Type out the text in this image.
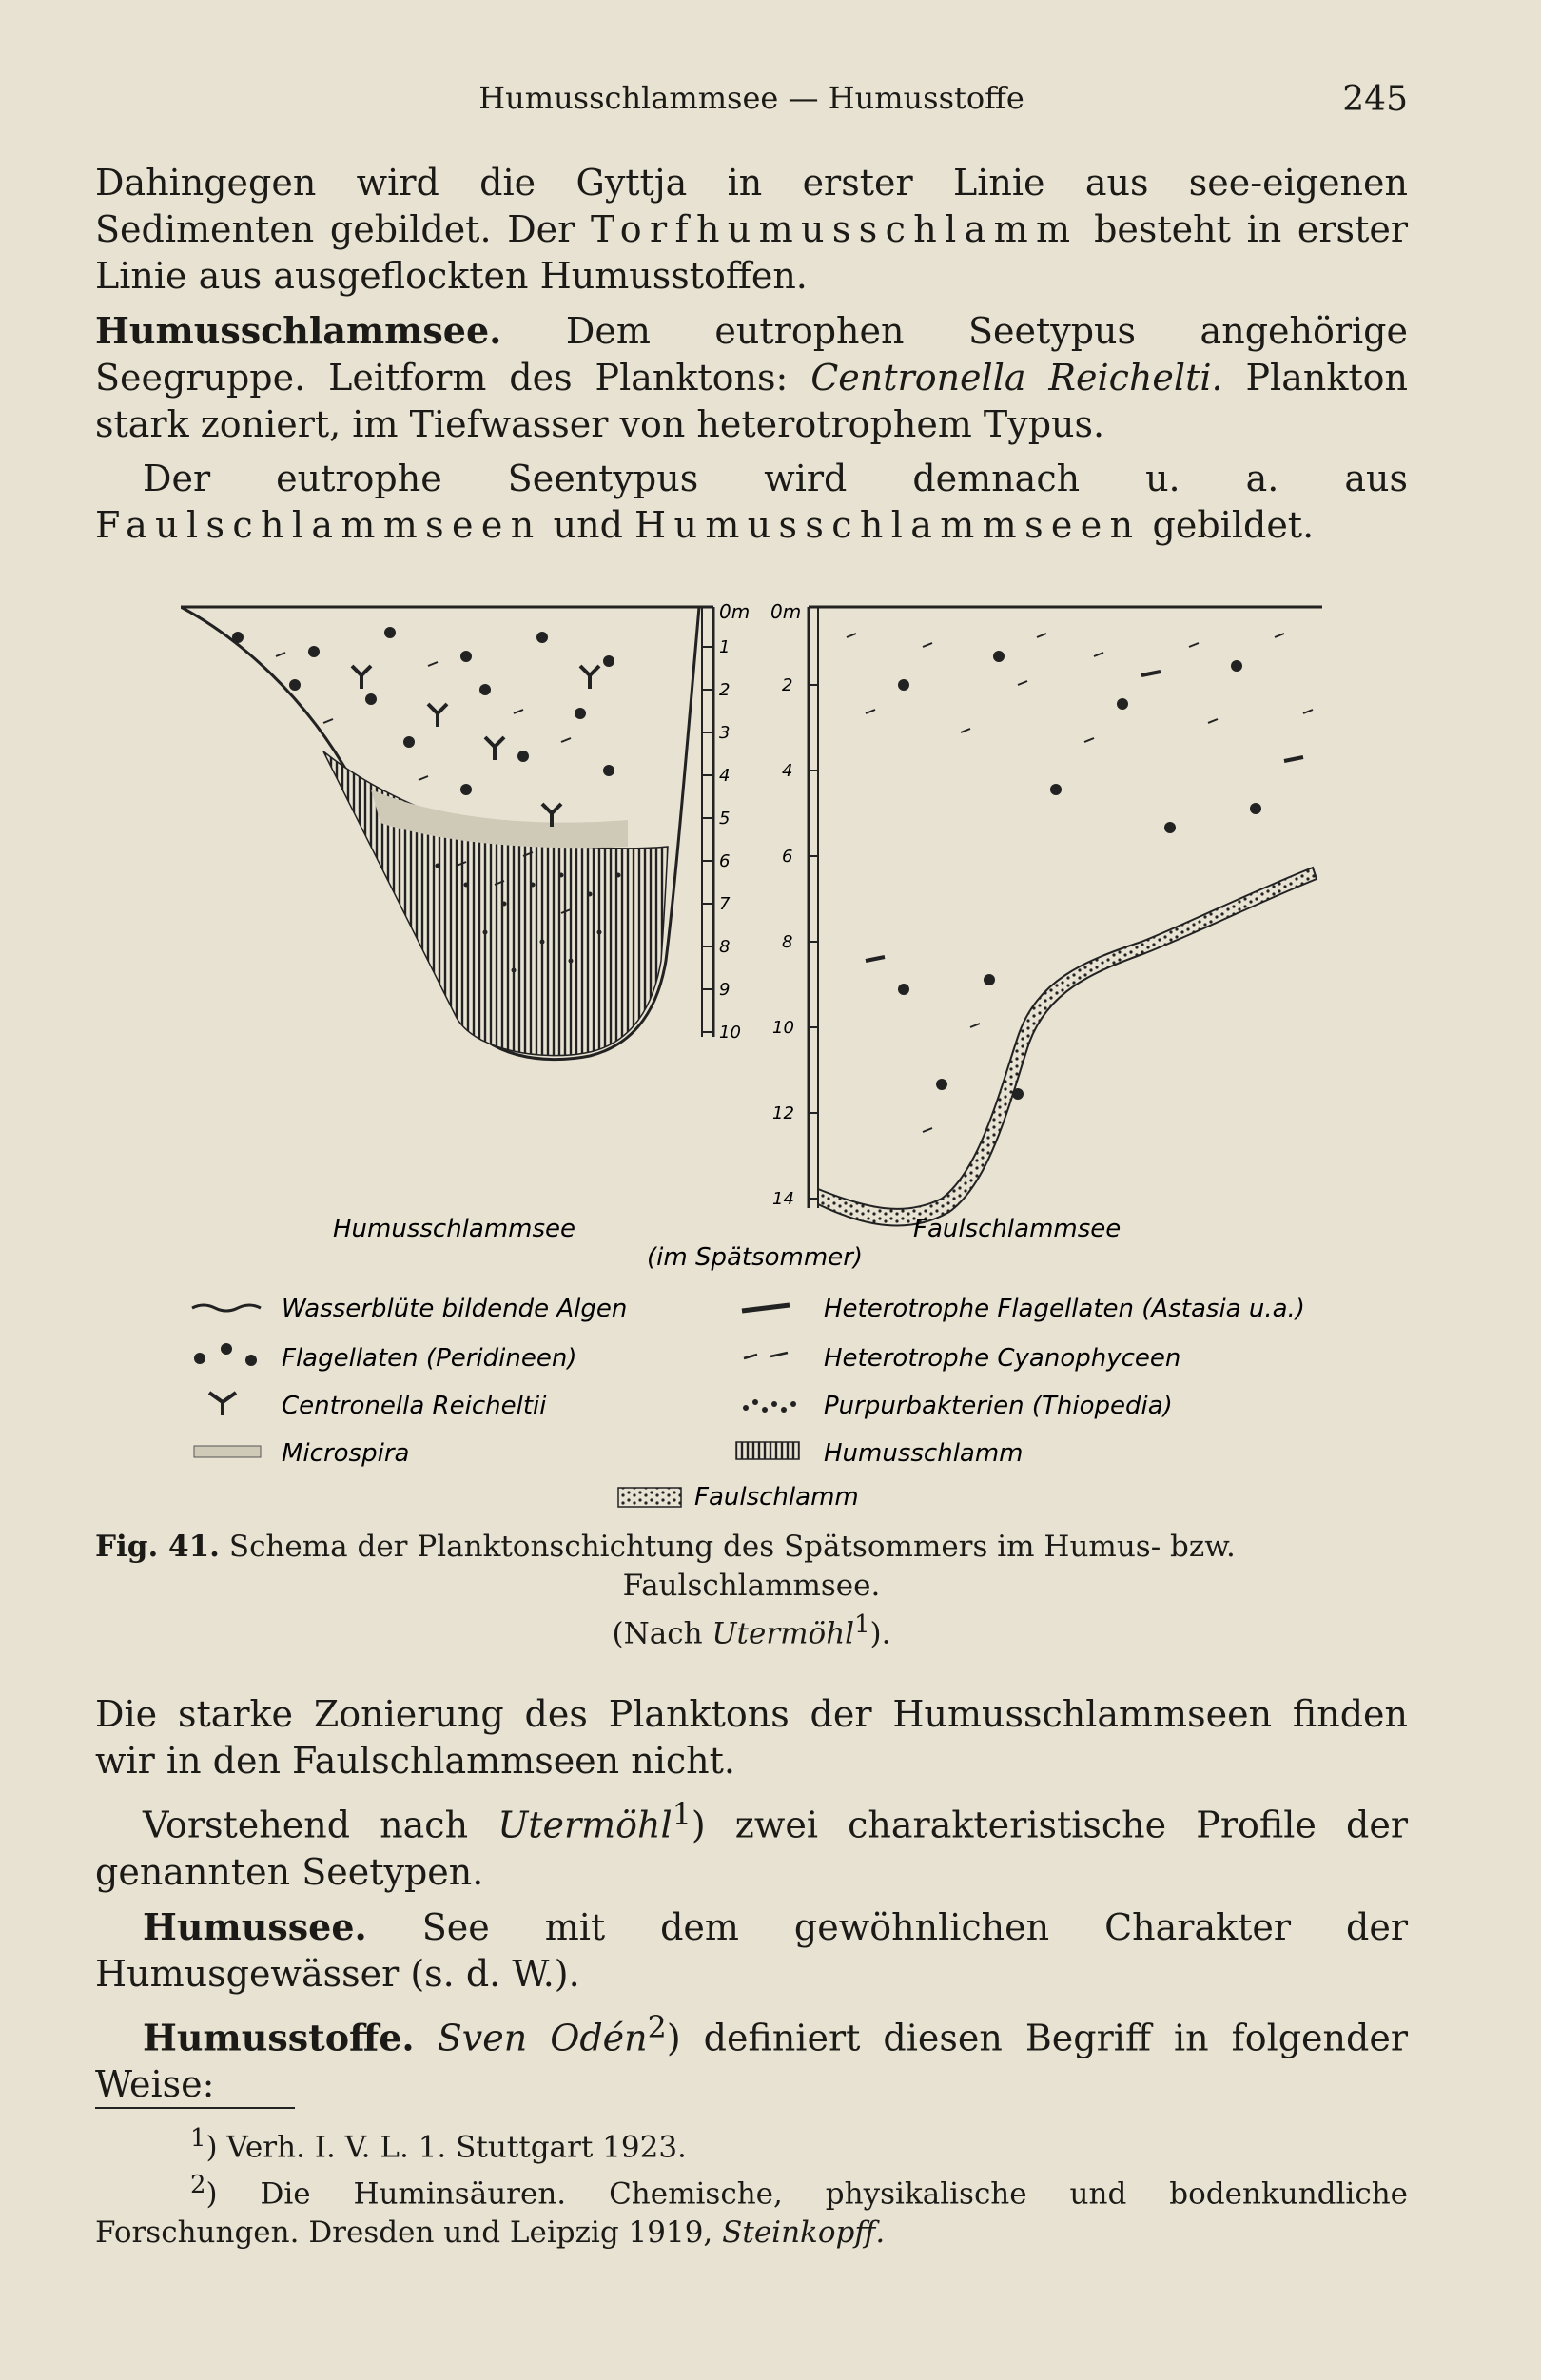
Humusschlammsee — Humusstoffe	245

Dahingegen wird die Gyttja in erster Linie aus see-eigenen Sedimenten gebildet. Der Torfhumusschlamm besteht in erster Linie aus ausgeflockten Humusstoffen.

Humusschlammsee. Dem eutrophen Seetypus angehörige Seegruppe. Leitform des Planktons: Centronella Reichelti. Plankton stark zoniert, im Tiefwasser von heterotrophem Typus.

Der eutrophe Seentypus wird demnach u. a. aus Faulschlammseen und Humusschlammseen gebildet.

0m
1
2
3
4
5
6
7
8
9
10
0m
2
4
6
8
10
12
14
Humusschlammsee	Faulschlammsee
(im Spätsommer)
Wasserblüte bildende Algen
Flagellaten (Peridineen)
Centronella Reicheltii
Microspira
Heterotrophe Flagellaten (Astasia u.a.)
Heterotrophe Cyanophyceen
Purpurbakterien (Thiopedia)
Humusschlamm
Faulschlamm
Fig. 41. Schema der Planktonschichtung des Spätsommers im Humus- bzw.
Faulschlammsee.
(Nach Utermöhl$^1$).

Die starke Zonierung des Planktons der Humusschlammseen finden wir in den Faulschlammseen nicht.

Vorstehend nach Utermöhl$^1$) zwei charakteristische Profile der genannten Seetypen.

Humussee. See mit dem gewöhnlichen Charakter der Humusgewässer (s. d. W.).

Humusstoffe. Sven Odén$^2$) definiert diesen Begriff in folgender Weise:

$^1$) Verh. I. V. L. 1. Stuttgart 1923.

$^2$) Die Huminsäuren. Chemische, physikalische und bodenkundliche Forschungen. Dresden und Leipzig 1919, Steinkopff.
